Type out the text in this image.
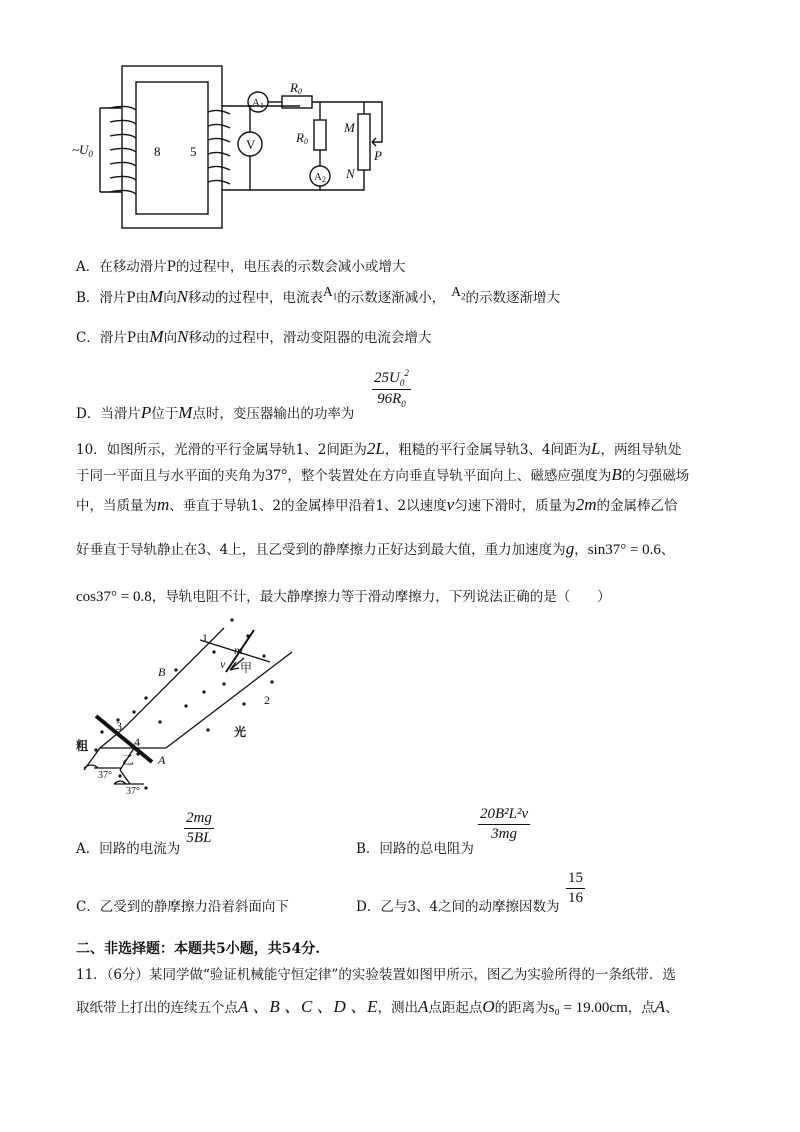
$\sim U_0$	8 5	V
A1
A2
R0
R0
M
N
P
A．在移动滑片P的过程中，电压表的示数会减小或增大
B．滑片P由M向N移动的过程中，电流表$A_1$的示数逐渐减小， $A_2$的示数逐渐增大
C．滑片P由M向N移动的过程中，滑动变阻器的电流会增大
D．当滑片P位于M点时，变压器输出的功率为
$\frac{25U_0^2}{96R_0}$
10．如图所示，光滑的平行金属导轨1、2间距为2L，粗糙的平行金属导轨3、4间距为L，两组导轨处
于同一平面且与水平面的夹角为37°，整个装置处在方向垂直导轨平面向上、磁感应强度为B的匀强磁场
中，当质量为m、垂直于导轨1、2的金属棒甲沿着1、2以速度v匀速下滑时，质量为2m的金属棒乙恰
好垂直于导轨静止在3、4上，且乙受到的静摩擦力正好达到最大值，重力加速度为g，sin37° = 0.6、
cos37° = 0.8，导轨电阻不计，最大静摩擦力等于滑动摩擦力，下列说法正确的是（　　）
1
2
3
4
B
A
m
v 甲
乙
粗
光
37°
37°
A．回路的电流为
$\frac{2mg}{5BL}$
B．回路的总电阻为
$\frac{\text{20B²L²v}}{3mg}$
C．乙受到的静摩擦力沿着斜面向下	D．乙与3、4之间的动摩擦因数为 $\frac{15}{16}$
二、非选择题：本题共5小题，共54分.
11．（6分）某同学做“验证机械能守恒定律”的实验装置如图甲所示，图乙为实验所得的一条纸带．选
取纸带上打出的连续五个点A 、B 、C 、D 、E，测出A点距起点O的距离为s₀ = 19.00cm，点A、
